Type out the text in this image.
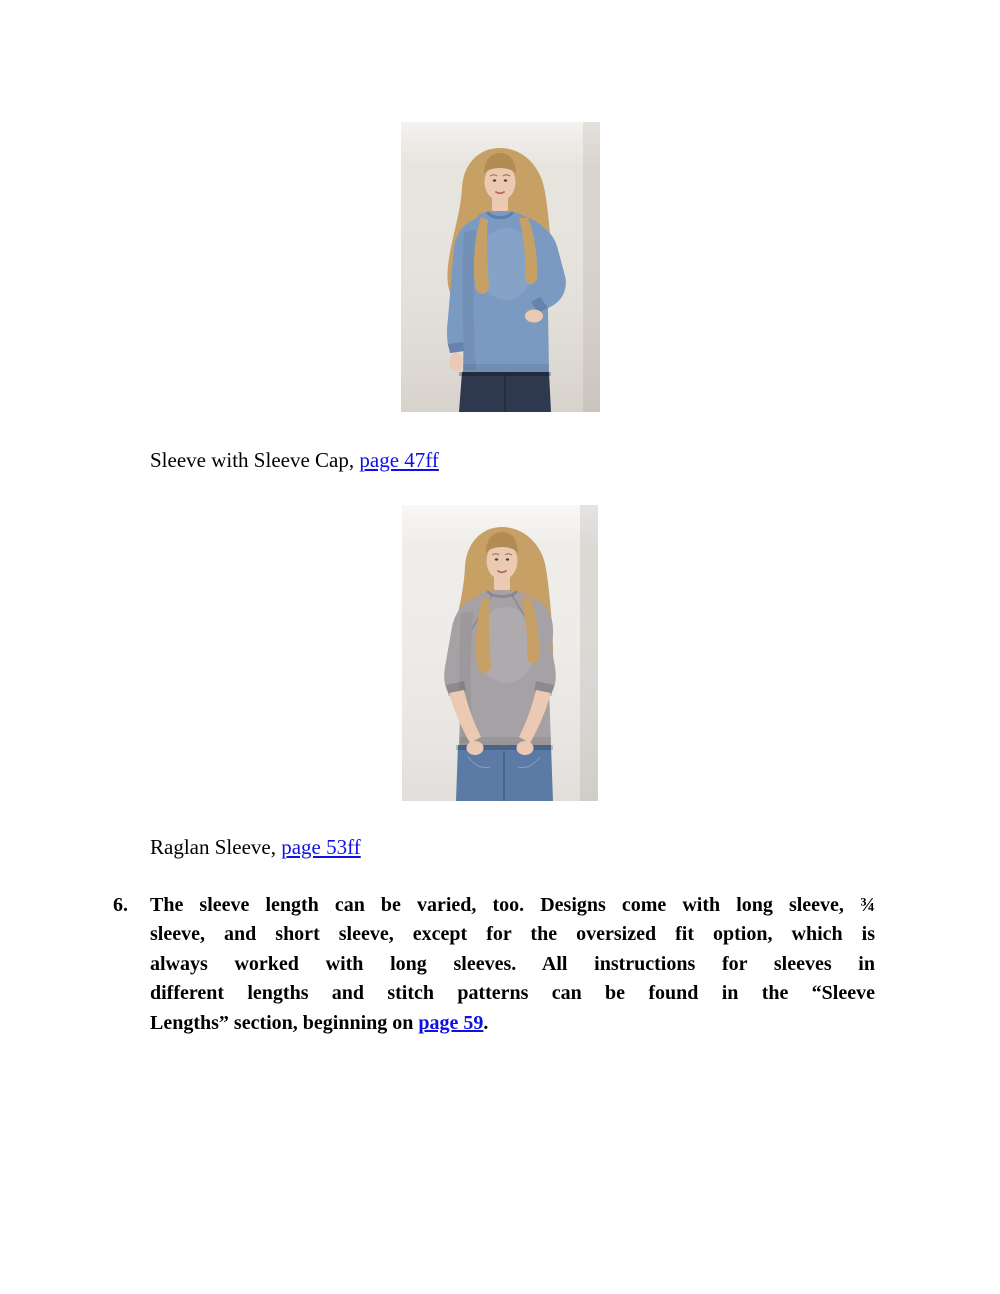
Sleeve with Sleeve Cap, page 47ff

Raglan Sleeve, page 53ff

6.	The sleeve length can be varied, too. Designs come with long sleeve, ¾
sleeve, and short sleeve, except for the oversized fit option, which is
always worked with long sleeves. All instructions for sleeves in
different lengths and stitch patterns can be found in the “Sleeve
Lengths” section, beginning on page 59.
